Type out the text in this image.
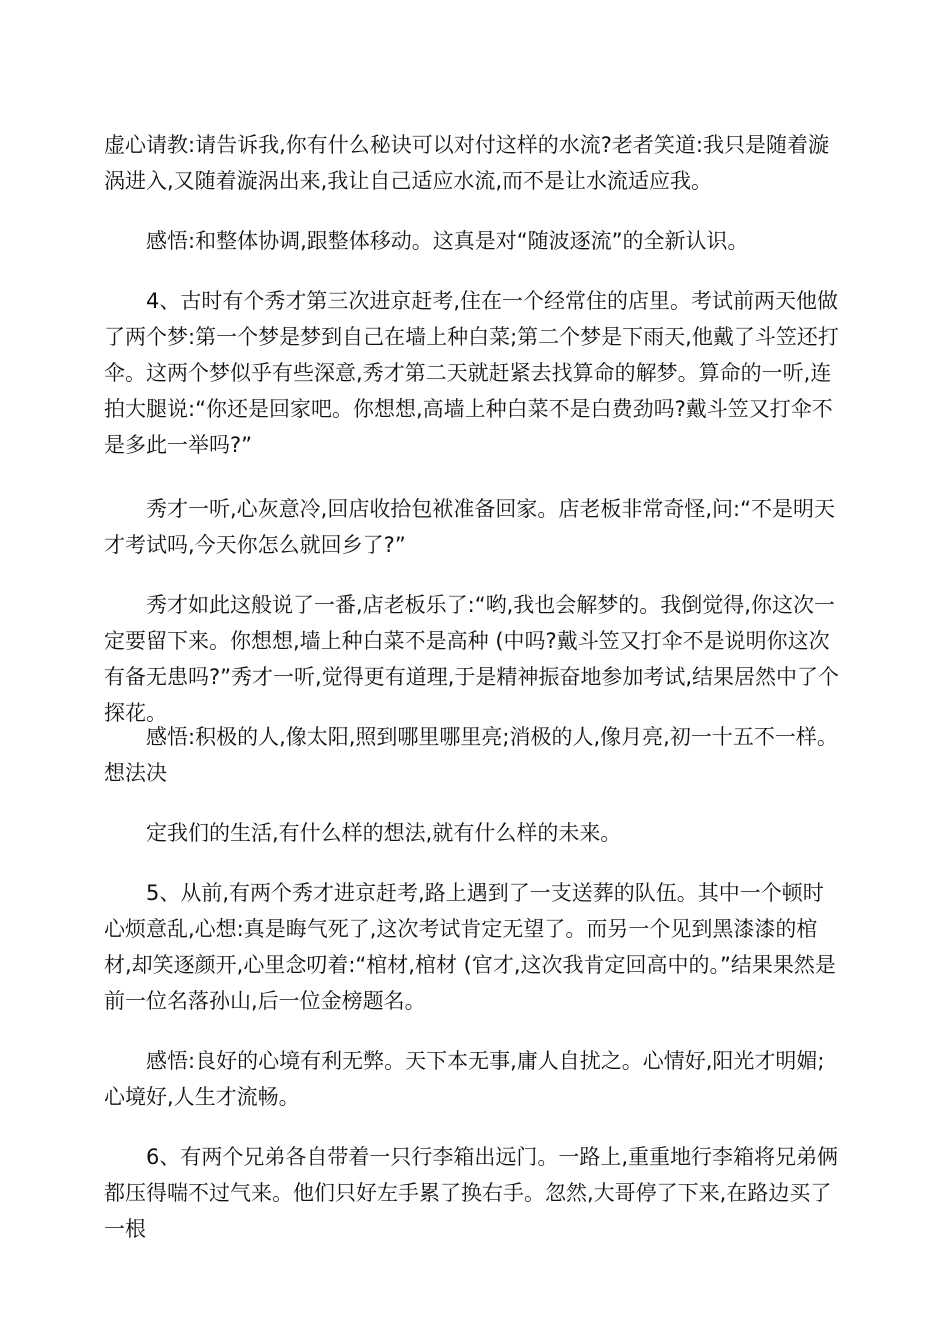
虚心请教:请告诉我,你有什么秘诀可以对付这样的水流?老者笑道:我只是随着漩涡进入,又随着漩涡出来,我让自己适应水流,而不是让水流适应我。

感悟:和整体协调,跟整体移动。这真是对“随波逐流”的全新认识。

4、古时有个秀才第三次进京赶考,住在一个经常住的店里。考试前两天他做了两个梦:第一个梦是梦到自己在墙上种白菜;第二个梦是下雨天,他戴了斗笠还打伞。这两个梦似乎有些深意,秀才第二天就赶紧去找算命的解梦。算命的一听,连拍大腿说:“你还是回家吧。你想想,高墙上种白菜不是白费劲吗?戴斗笠又打伞不是多此一举吗?”

秀才一听,心灰意冷,回店收拾包袱准备回家。店老板非常奇怪,问:“不是明天才考试吗,今天你怎么就回乡了?”

秀才如此这般说了一番,店老板乐了:“哟,我也会解梦的。我倒觉得,你这次一定要留下来。你想想,墙上种白菜不是高种 (中吗?戴斗笠又打伞不是说明你这次有备无患吗?”秀才一听,觉得更有道理,于是精神振奋地参加考试,结果居然中了个探花。

感悟:积极的人,像太阳,照到哪里哪里亮;消极的人,像月亮,初一十五不一样。想法决

定我们的生活,有什么样的想法,就有什么样的未来。

5、从前,有两个秀才进京赶考,路上遇到了一支送葬的队伍。其中一个顿时心烦意乱,心想:真是晦气死了,这次考试肯定无望了。而另一个见到黑漆漆的棺材,却笑逐颜开,心里念叨着:“棺材,棺材 (官才,这次我肯定回高中的。”结果果然是前一位名落孙山,后一位金榜题名。

感悟:良好的心境有利无弊。天下本无事,庸人自扰之。心情好,阳光才明媚;心境好,人生才流畅。

6、有两个兄弟各自带着一只行李箱出远门。一路上,重重地行李箱将兄弟俩都压得喘不过气来。他们只好左手累了换右手。忽然,大哥停了下来,在路边买了一根
